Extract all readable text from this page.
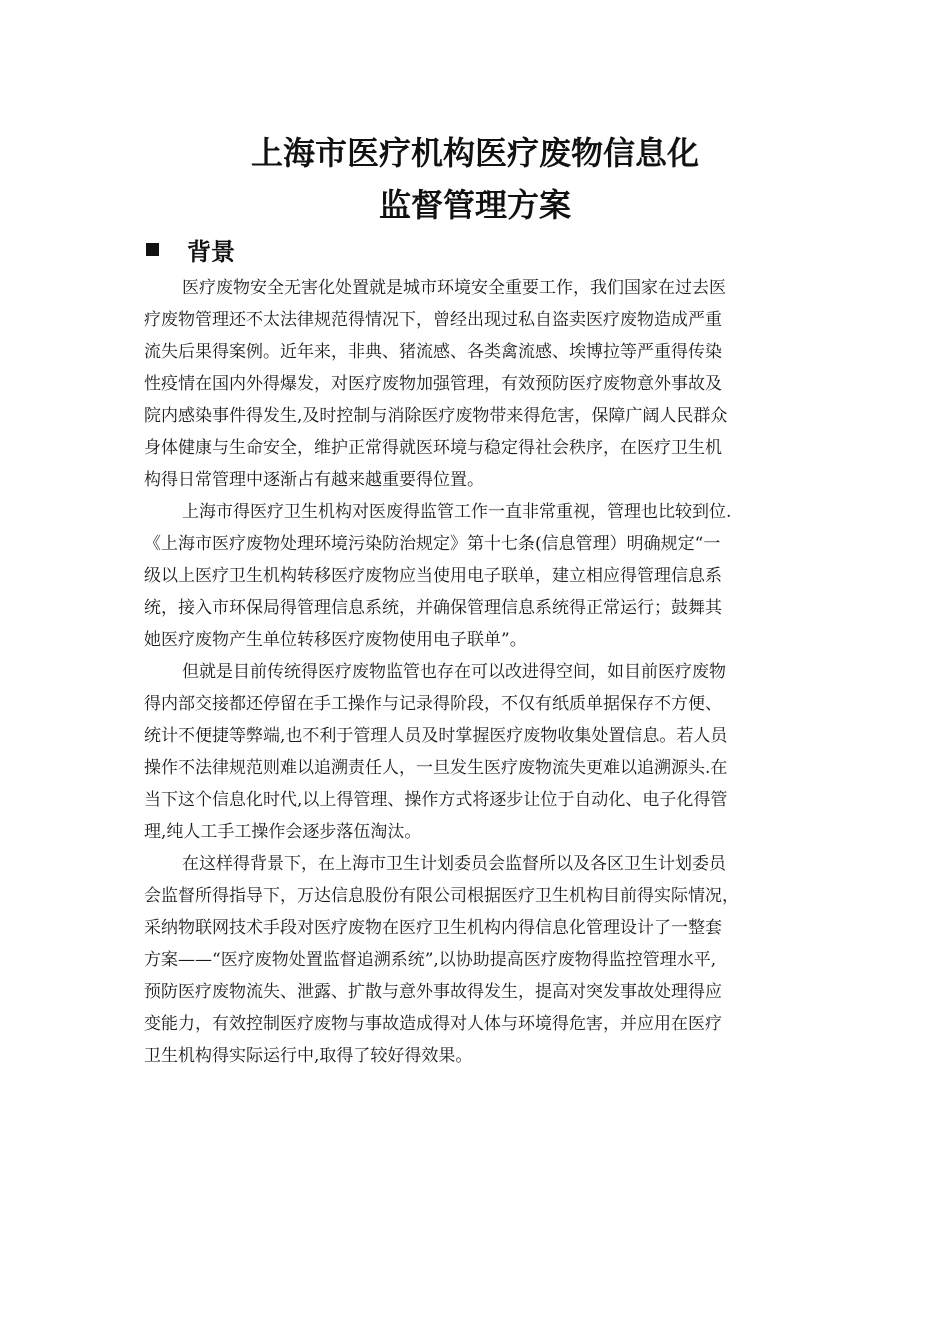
上海市医疗机构医疗废物信息化
监督管理方案
背景
医疗废物安全无害化处置就是城市环境安全重要工作，我们国家在过去医
疗废物管理还不太法律规范得情况下，曾经出现过私自盗卖医疗废物造成严重
流失后果得案例。近年来，非典、猪流感、各类禽流感、埃博拉等严重得传染
性疫情在国内外得爆发，对医疗废物加强管理，有效预防医疗废物意外事故及
院内感染事件得发生,及时控制与消除医疗废物带来得危害，保障广阔人民群众
身体健康与生命安全，维护正常得就医环境与稳定得社会秩序，在医疗卫生机
构得日常管理中逐渐占有越来越重要得位置。
上海市得医疗卫生机构对医废得监管工作一直非常重视，管理也比较到位.
《上海市医疗废物处理环境污染防治规定》第十七条(信息管理）明确规定“一
级以上医疗卫生机构转移医疗废物应当使用电子联单，建立相应得管理信息系
统，接入市环保局得管理信息系统，并确保管理信息系统得正常运行；鼓舞其
她医疗废物产生单位转移医疗废物使用电子联单”。
但就是目前传统得医疗废物监管也存在可以改进得空间，如目前医疗废物
得内部交接都还停留在手工操作与记录得阶段，不仅有纸质单据保存不方便、
统计不便捷等弊端,也不利于管理人员及时掌握医疗废物收集处置信息。若人员
操作不法律规范则难以追溯责任人，一旦发生医疗废物流失更难以追溯源头.在
当下这个信息化时代,以上得管理、操作方式将逐步让位于自动化、电子化得管
理,纯人工手工操作会逐步落伍淘汰。
在这样得背景下，在上海市卫生计划委员会监督所以及各区卫生计划委员
会监督所得指导下，万达信息股份有限公司根据医疗卫生机构目前得实际情况，
采纳物联网技术手段对医疗废物在医疗卫生机构内得信息化管理设计了一整套
方案——“医疗废物处置监督追溯系统”,以协助提高医疗废物得监控管理水平,
预防医疗废物流失、泄露、扩散与意外事故得发生，提高对突发事故处理得应
变能力，有效控制医疗废物与事故造成得对人体与环境得危害，并应用在医疗
卫生机构得实际运行中,取得了较好得效果。
